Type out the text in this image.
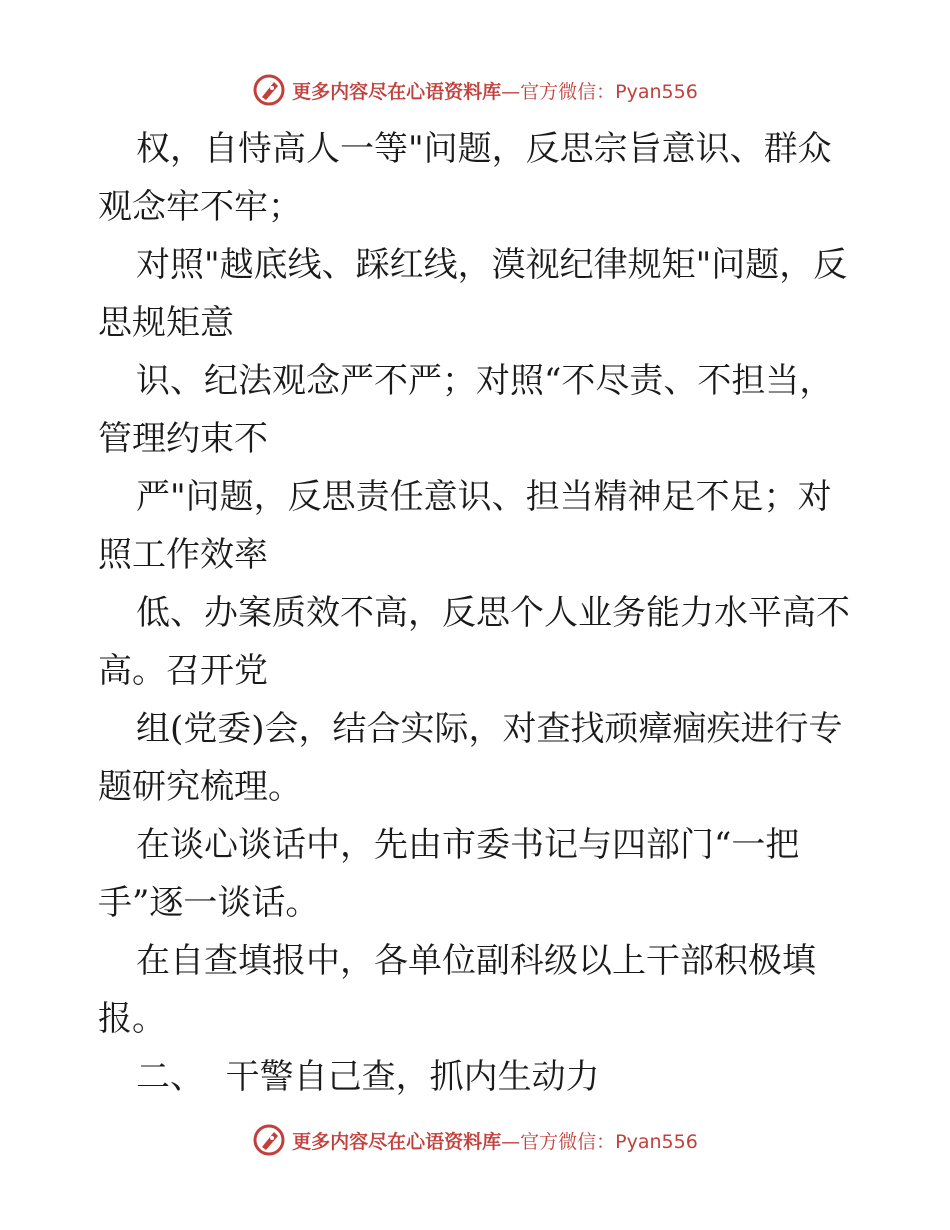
更多内容尽在心语资料库—官方微信：Pyan556

权，自恃高人一等"问题，反思宗旨意识、群众

观念牢不牢；

对照"越底线、踩红线，漠视纪律规矩"问题，反

思规矩意

识、纪法观念严不严；对照“不尽责、不担当，

管理约束不

严"问题，反思责任意识、担当精神足不足；对

照工作效率

低、办案质效不高，反思个人业务能力水平高不

高。召开党

组(党委)会，结合实际，对查找顽瘴痼疾进行专

题研究梳理。

在谈心谈话中，先由市委书记与四部门“一把

手”逐一谈话。

在自查填报中，各单位副科级以上干部积极填

报。

二、  干警自己查，抓内生动力

更多内容尽在心语资料库—官方微信：Pyan556
